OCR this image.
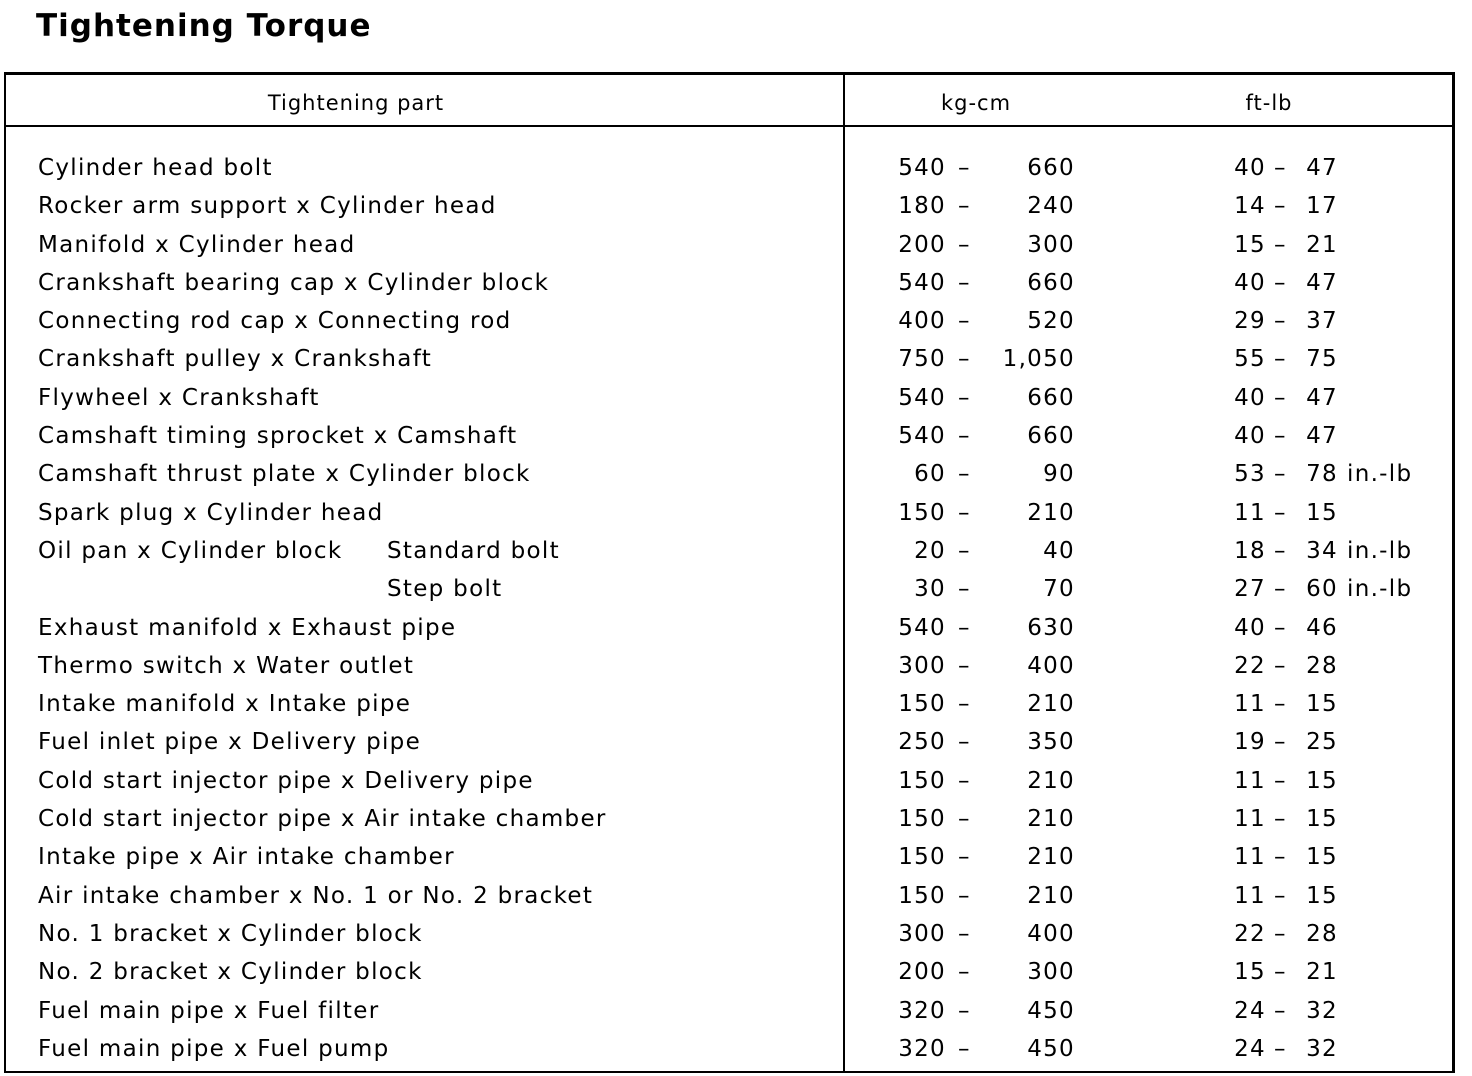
Tightening Torque
Tightening part	kg-cm	ft-lb
Cylinder head bolt	540 –	660	40 – 47
Rocker arm support x Cylinder head	180 –	240	14 – 17
Manifold x Cylinder head	200 –	300	15 – 21
Crankshaft bearing cap x Cylinder block	540 –	660	40 – 47
Connecting rod cap x Connecting rod	400 –	520	29 – 37
Crankshaft pulley x Crankshaft	750 –	1,050	55 – 75
Flywheel x Crankshaft	540 –	660	40 – 47
Camshaft timing sprocket x Camshaft	540 –	660	40 – 47
Camshaft thrust plate x Cylinder block	60 –	90	53 – 78 in.-lb
Spark plug x Cylinder head	150 –	210	11 – 15
Oil pan x Cylinder block Standard bolt	20 –	40	18 – 34 in.-lb
Step bolt	30 –	70	27 – 60 in.-lb
Exhaust manifold x Exhaust pipe	540 –	630	40 – 46
Thermo switch x Water outlet	300 –	400	22 – 28
Intake manifold x Intake pipe	150 –	210	11 – 15
Fuel inlet pipe x Delivery pipe	250 –	350	19 – 25
Cold start injector pipe x Delivery pipe	150 –	210	11 – 15
Cold start injector pipe x Air intake chamber	150 –	210	11 – 15
Intake pipe x Air intake chamber	150 –	210	11 – 15
Air intake chamber x No. 1 or No. 2 bracket	150 –	210	11 – 15
No. 1 bracket x Cylinder block	300 –	400	22 – 28
No. 2 bracket x Cylinder block	200 –	300	15 – 21
Fuel main pipe x Fuel filter	320 –	450	24 – 32
Fuel main pipe x Fuel pump	320 –	450	24 – 32
